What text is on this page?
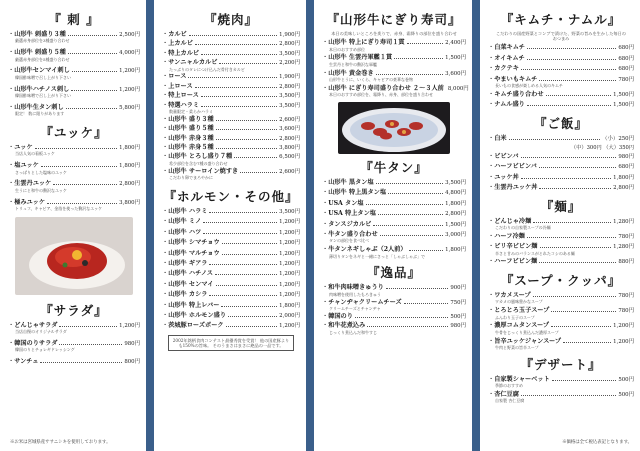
『 刺 』
・ 山形牛 刺盛り３種	2,500円
厳選赤身部位を3種盛り合わせ
・ 山形牛 刺盛り５種	4,000円
厳選赤身部位を5種盛り合わせ
・ 山形牛センマイ刺し	1,200円
韓国酢味噌で召し上がり下さい
・ 山形牛ハチノス刺し	1,200円
韓国酢味噌で召し上がり下さい
・ 山形牛生タン刺し	5,800円
限定！ 数に限りがあります
『ユッケ』
・ ユッケ	1,800円
当店人気の看板ユッケ
・ 塩ユッケ	1,800円
さっぱりとした塩味のユッケ
・ 生雲丹ユッケ	2,800円
生うにと和牛の贅沢なユッケ
・ 極みユッケ	3,800円
トリュフ、キャビア、金箔を使った贅沢なユッケ
『サラダ』
・ どんじゃサラダ	1,200円
当店自慢のオリジナルサラダ
・ 韓国のりサラダ	980円
韓国のりとチョレギドレッシング
・ サンチュ	800円
※お米は宮城県産ササニシキを使用しております。
『焼肉』
・ カルビ	1,900円
・ 上カルビ	2,800円
・ 特上カルビ	3,500円
・ サンニャルカルビ	2,200円
たっぷりのタレにつけ込んだ骨付きカルビ
・ ロース	1,900円
・ 上ロース	2,800円
・ 特上ロース	3,500円
・ 特選ハラミ	3,500円
数量限定・柔らかハラミ
・ 山形牛 盛り３種	2,600円
・ 山形牛 盛り５種	3,600円
・ 山形牛 赤身３種	2,800円
・ 山形牛 赤身５種	3,800円
・ 山形牛 とろし盛り７種	6,500円
希少部位を含む7種の盛り合わせ
・ 山形牛 サーロイン焼すき	2,600円
こだわり卵でまろやかに
『ホルモン・その他』
・ 山形牛 ハラミ	3,500円
・ 山形牛 ミノ	1,200円
・ 山形牛 ハツ	1,200円
・ 山形牛 シマチョウ	1,200円
・ 山形牛 マルチョウ	1,200円
・ 山形牛 ギアラ	1,200円
・ 山形牛 ハチノス	1,200円
・ 山形牛 センマイ	1,200円
・ 山形牛 カシラ	1,200円
・ 山形牛 特上レバー	1,800円
・ 山形牛 ホルモン盛り	2,000円
・ 茨城豚ローズポーク	1,200円
2002年銘柄食肉コンテスト最優秀賞を受賞！ 他の国産豚よりも150%の旨味。 そのうまさはまさに絶品の一品です。
『山形牛にぎり寿司』
本日の美味しいところを炙りで、赤身、霜降りの部位を盛り合わせ
・ 山形牛 特上にぎり寿司１貫	2,400円
本日のおすすめ部位
・ 山形牛 生雲丹軍艦１貫	1,500円
生雲丹と和牛の贅沢な軍艦
・ 山形牛 黄金巻き	3,600円
山形牛とうに、いくら、キャビアの豪華な巻物
・ 山形牛 にぎり寿司盛り合わせ ２〜３人前 8,000円
本日のおすすめ部位を、霜降り、赤身、部位を盛り合わせ
『牛タン』
・ 山形牛 黒タン塩	3,500円
・ 山形牛 特上黒タン塩	4,800円
・ USA タン塩	1,800円
・ USA 特上タン塩	2,800円
・ タンスジカルビ	1,500円
・ 牛タン盛り合わせ	3,000円
タンの部位を食べ比べ
・ 牛タンネギしゃぶ（2人前）	1,800円
薄切りタンをネギと一緒にさっと「しゃぶしゃぶ」で
『逸品』
・ 和牛肉味噌きゅうり	900円
肉味噌を使用したもろきゅう
・ チャンヂャクリームチーズ	750円
クリームチーズとチャンヂャ
・ 韓国のり	500円
・ 和牛花煮込み	980円
じっくり煮込んだ和牛すじ
『キムチ・ナムル』
こだわりの国産野菜とコンブで漬けた、野菜の旨みを生かした毎日のおつまみ
・ 白菜キムチ	680円
・ オイキムチ	680円
・ カクテキ	680円
・ やまいもキムチ	780円
長いもの食感が楽しめる人気のキムチ
・ キムチ盛り合わせ	1,500円
・ ナムル盛り	1,500円
『ご飯』
・ 白米	（小）250円
（中）300円 （大）350円
・ ビビンバ	980円
・ ハーフビビンバ	680円
・ ユッケ丼	1,800円
・ 生雲丹ユッケ丼	2,800円
『麺』
・ どんじゃ冷麺	1,280円
こだわりの自家製スープの冷麺
・ ハーフ冷麺	780円
・ ピリ辛ビビン麺	1,280円
辛さと甘みのバランスがとれたコシのある麺
・ ハーフビビン麺	880円
『スープ・クッパ』
・ ワカメスープ	780円
ワカメの風味豊かなスープ
・ とろとろ玉子スープ	780円
ふんわり玉子のスープ
・ 濃厚コムタンスープ	1,200円
牛骨をじっくり煮込んだ濃厚スープ
・ 旨辛ユッケジャンスープ	1,200円
牛肉と野菜の旨辛スープ
『デザート』
・ 自家製シャーベット	500円
季節のおすすめ
・ 杏仁豆腐	500円
自家製 杏仁豆腐
※価格は全て税込表記となります。
